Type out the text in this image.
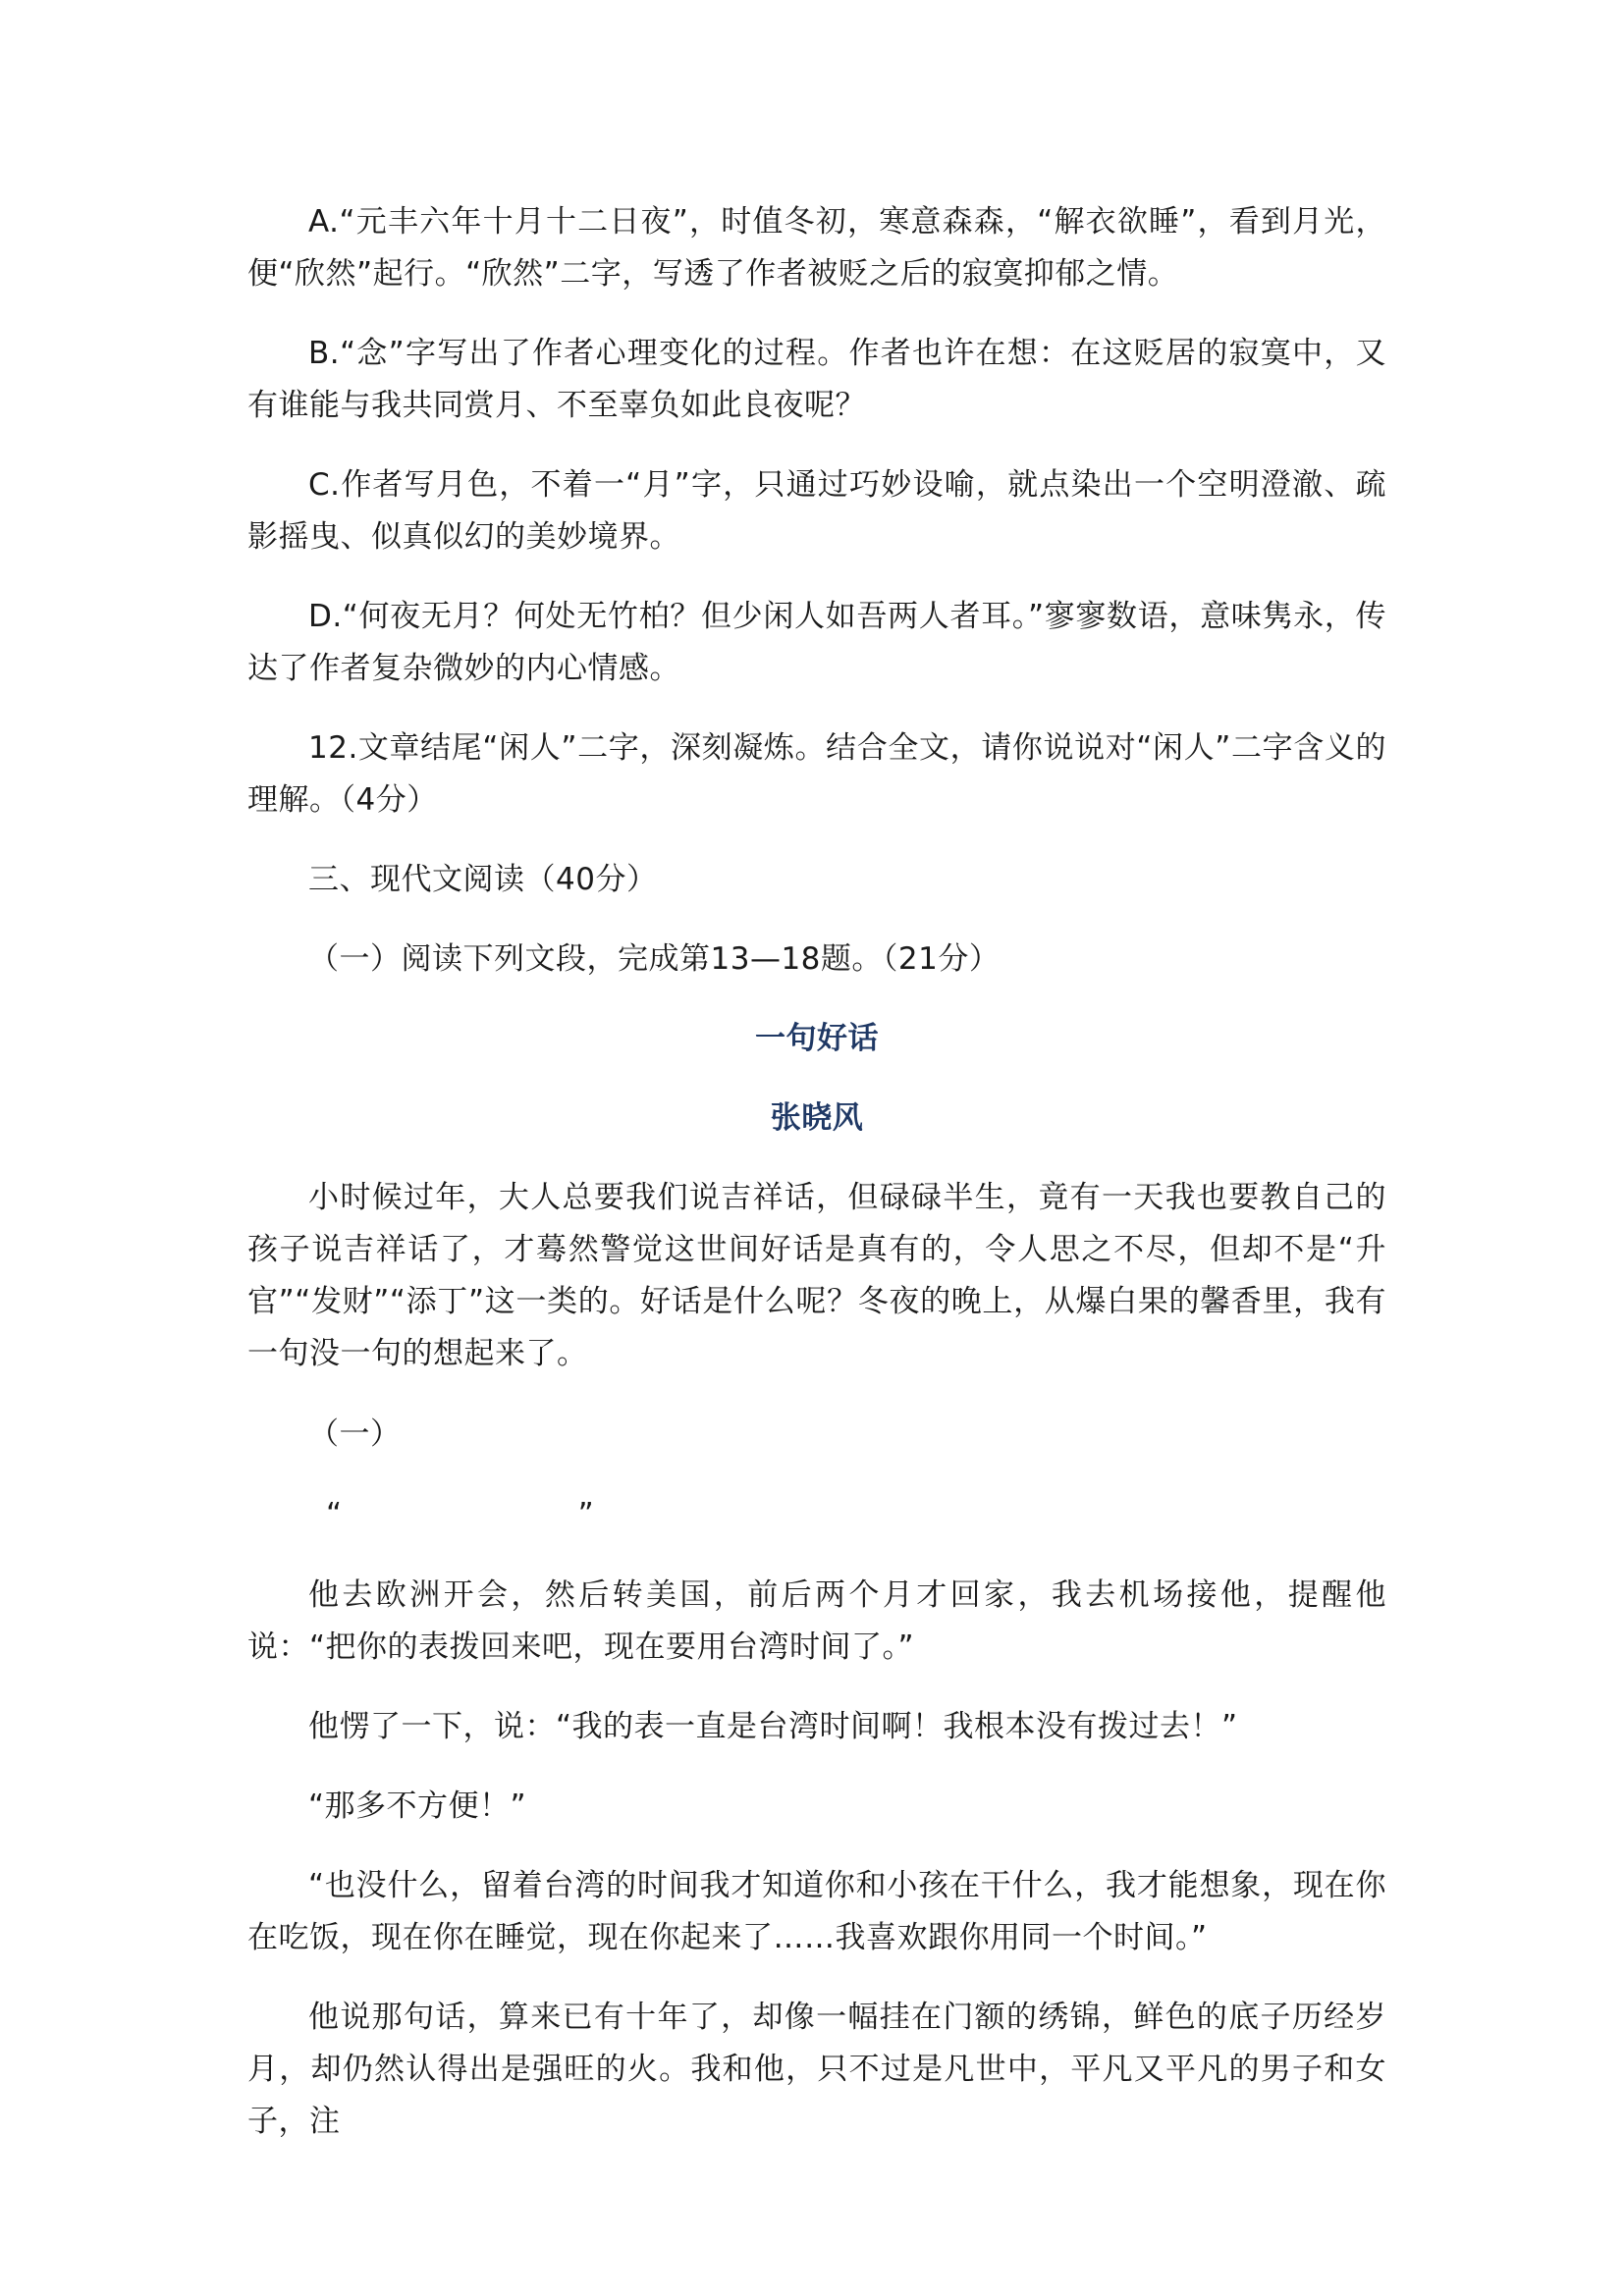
A.“元丰六年十月十二日夜”，时值冬初，寒意森森，“解衣欲睡”，看到月光，便“欣然”起行。“欣然”二字，写透了作者被贬之后的寂寞抑郁之情。

B.“念”字写出了作者心理变化的过程。作者也许在想：在这贬居的寂寞中，又有谁能与我共同赏月、不至辜负如此良夜呢？

C.作者写月色，不着一“月”字，只通过巧妙设喻，就点染出一个空明澄澈、疏影摇曳、似真似幻的美妙境界。

D.“何夜无月？何处无竹柏？但少闲人如吾两人者耳。”寥寥数语，意味隽永，传达了作者复杂微妙的内心情感。

12.文章结尾“闲人”二字，深刻凝炼。结合全文，请你说说对“闲人”二字含义的理解。（4分）

三、现代文阅读（40分）

（一）阅读下列文段，完成第13—18题。（21分）

一句好话

张晓风

小时候过年，大人总要我们说吉祥话，但碌碌半生，竟有一天我也要教自己的孩子说吉祥话了，才蓦然警觉这世间好话是真有的，令人思之不尽，但却不是“升官”“发财”“添丁”这一类的。好话是什么呢？冬夜的晚上，从爆白果的馨香里，我有一句没一句的想起来了。

（一）

“	”

他去欧洲开会，然后转美国，前后两个月才回家，我去机场接他，提醒他说：“把你的表拨回来吧，现在要用台湾时间了。”

他愣了一下，说：“我的表一直是台湾时间啊！我根本没有拨过去！”

“那多不方便！”

“也没什么，留着台湾的时间我才知道你和小孩在干什么，我才能想象，现在你在吃饭，现在你在睡觉，现在你起来了……我喜欢跟你用同一个时间。”

他说那句话，算来已有十年了，却像一幅挂在门额的绣锦，鲜色的底子历经岁月，却仍然认得出是强旺的火。我和他，只不过是凡世中，平凡又平凡的男子和女子，注
